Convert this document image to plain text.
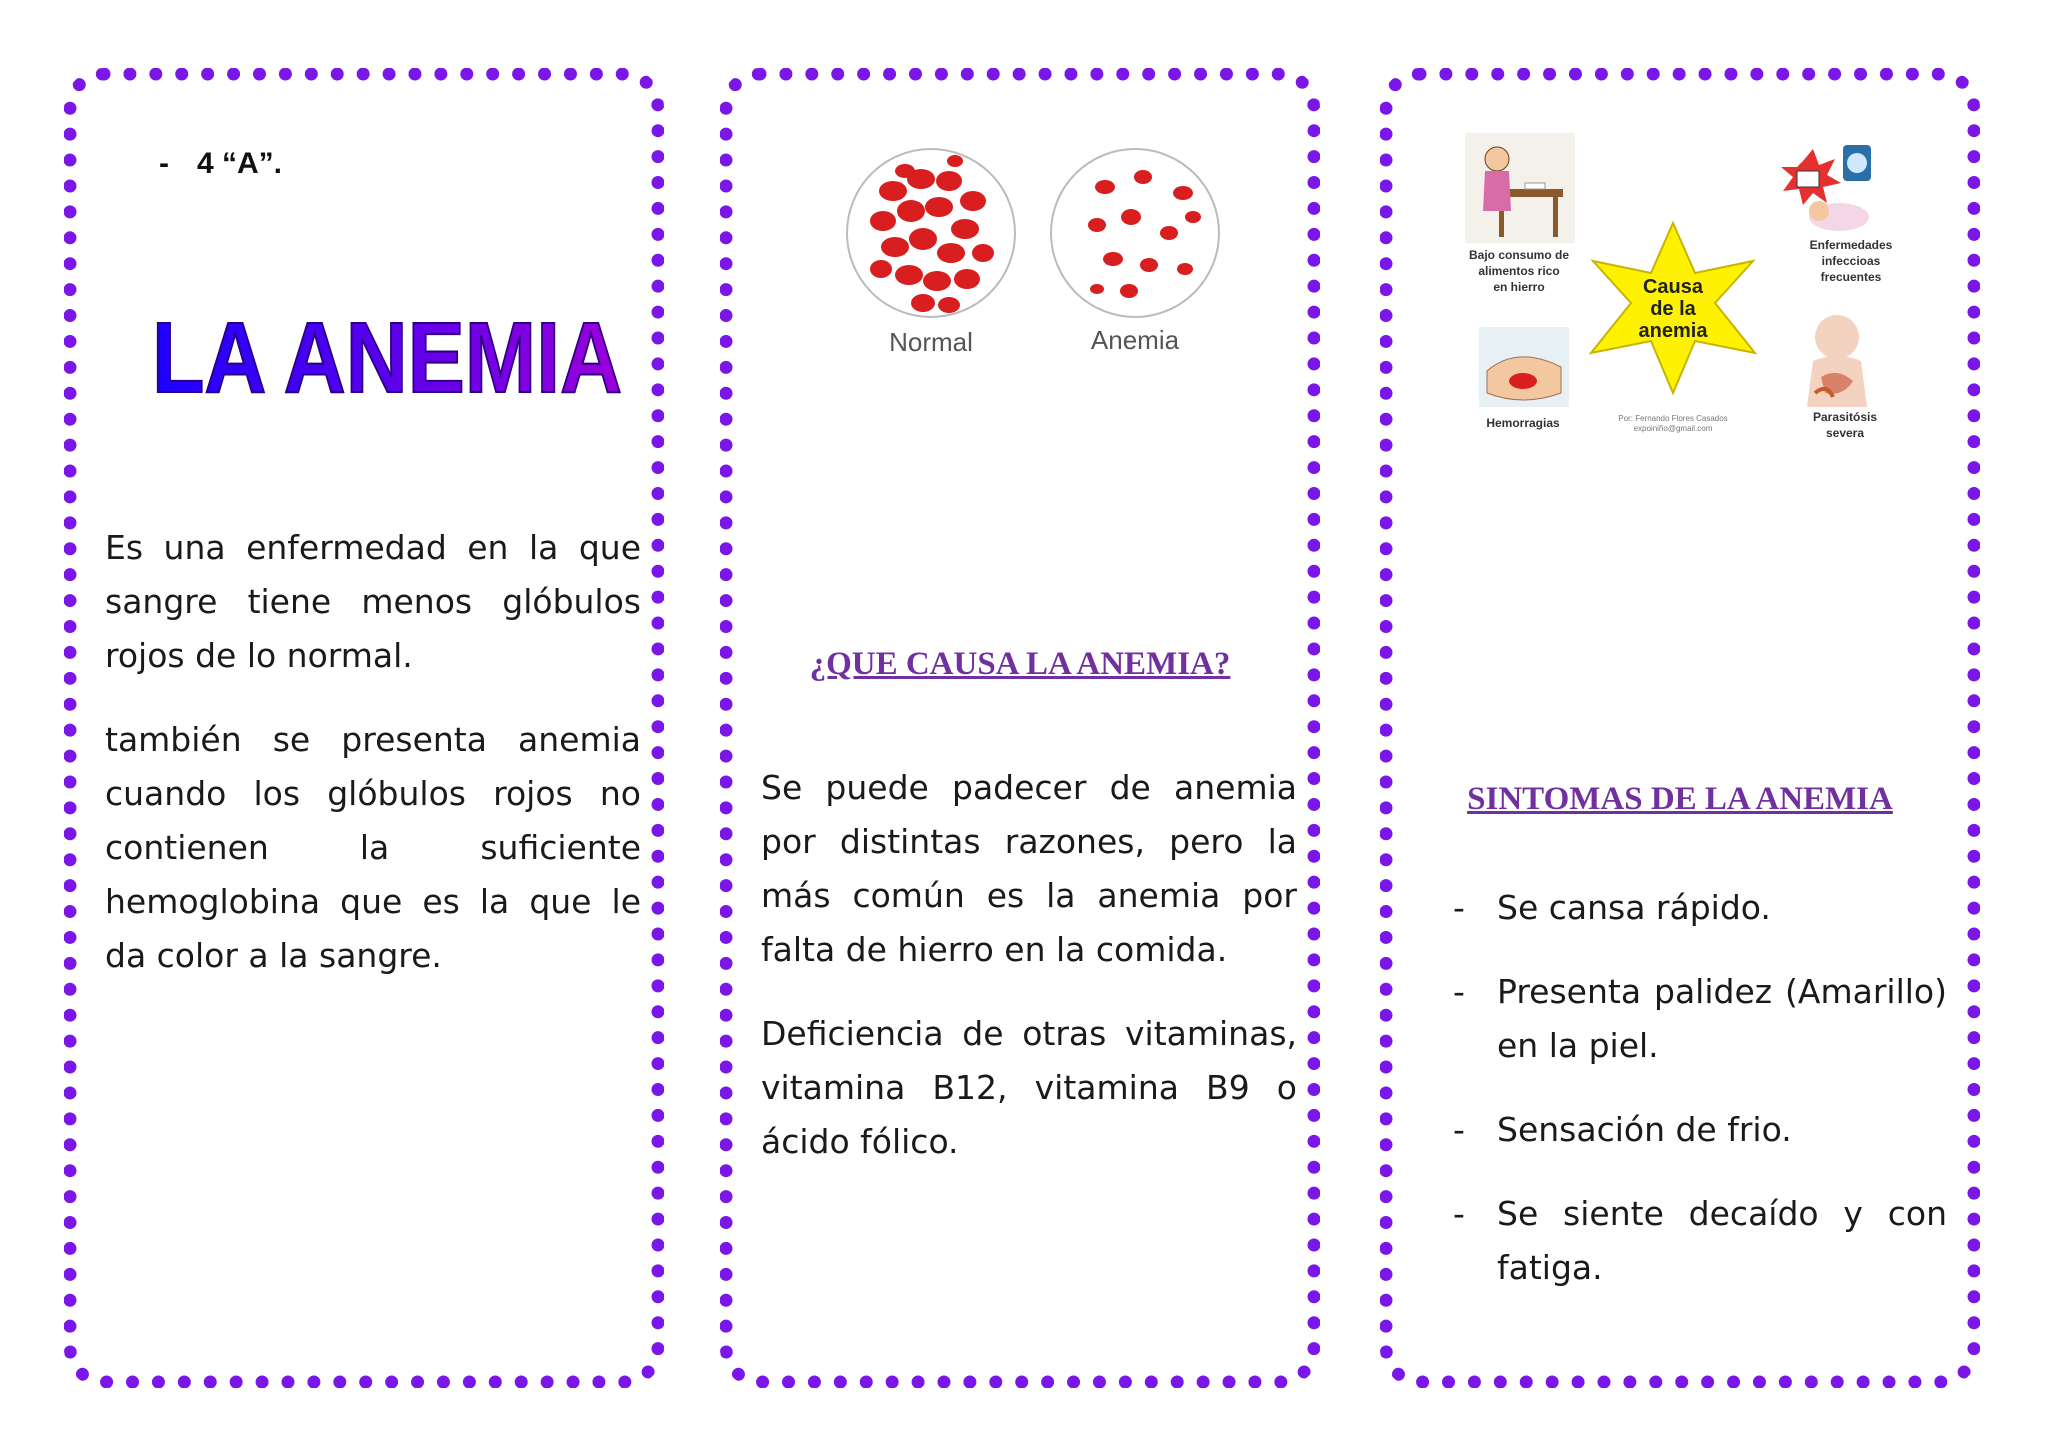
- 4 “A”.
LA ANEMIA

Es una enfermedad en la que sangre tiene menos glóbulos rojos de lo normal.

también se presenta anemia cuando los glóbulos rojos no contienen la suficiente hemoglobina que es la que le da color a la sangre.

Normal	Anemia
¿QUE CAUSA LA ANEMIA?

Se puede padecer de anemia por distintas razones, pero la más común es la anemia por falta de hierro en la comida.

Deficiencia de otras vitaminas, vitamina B12, vitamina B9 o ácido fólico.

Causa
de la
anemia
Bajo consumo de
alimentos rico
en hierro
Enfermedades
infeccioas
frecuentes
Hemorragias	Parasitósis
severa
Por: Fernando Flores Casados
expoiniño@gmail.com
SINTOMAS DE LA ANEMIA
- Se cansa rápido.
- Presenta palidez (Amarillo) en la piel.
- Sensación de frio.
- Se siente decaído y con fatiga.
